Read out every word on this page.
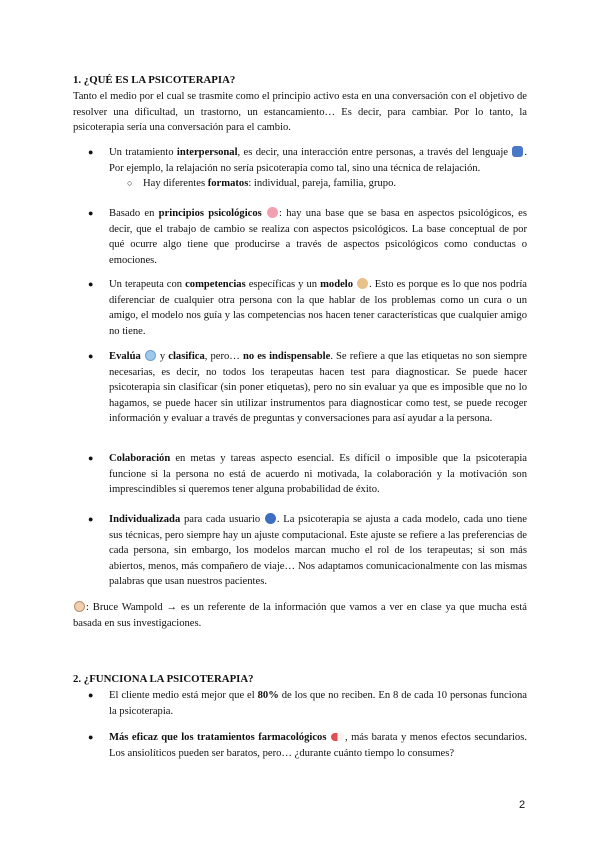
1. ¿QUÉ ES LA PSICOTERAPIA?
Tanto el medio por el cual se trasmite como el principio activo esta en una conversación con el objetivo de resolver una dificultad, un trastorno, un estancamiento… Es decir, para cambiar. Por lo tanto, la psicoterapia sería una conversación para el cambio.
● Un tratamiento interpersonal, es decir, una interacción entre personas, a través del lenguaje . Por ejemplo, la relajación no sería psicoterapia como tal, sino una técnica de relajación.
○ Hay diferentes formatos: individual, pareja, familia, grupo.
● Basado en principios psicológicos : hay una base que se basa en aspectos psicológicos, es decir, que el trabajo de cambio se realiza con aspectos psicológicos. La base conceptual de por qué ocurre algo tiene que producirse a través de aspectos psicológicos como conductas o emociones.
● Un terapeuta con competencias específicas y un modelo . Esto es porque es lo que nos podría diferenciar de cualquier otra persona con la que hablar de los problemas como un cura o un amigo, el modelo nos guía y las competencias nos hacen tener características que cualquier amigo no tiene.
● Evalúa  y clasifica, pero… no es indispensable. Se refiere a que las etiquetas no son siempre necesarias, es decir, no todos los terapeutas hacen test para diagnosticar. Se puede hacer psicoterapia sin clasificar (sin poner etiquetas), pero no sin evaluar ya que es imposible que no lo hagamos, se puede hacer sin utilizar instrumentos para diagnosticar como test, se puede recoger información y evaluar a través de preguntas y conversaciones para así ayudar a la persona.
● Colaboración en metas y tareas aspecto esencial. Es difícil o imposible que la psicoterapia funcione si la persona no está de acuerdo ni motivada, la colaboración y la motivación son imprescindibles si queremos tener alguna probabilidad de éxito.
● Individualizada para cada usuario . La psicoterapia se ajusta a cada modelo, cada uno tiene sus técnicas, pero siempre hay un ajuste computacional. Este ajuste se refiere a las preferencias de cada persona, sin embargo, los modelos marcan mucho el rol de los terapeutas; si son más abiertos, menos, más compañero de viaje… Nos adaptamos comunicacionalmente con las mismas palabras que usan nuestros pacientes.
: Bruce Wampold → es un referente de la información que vamos a ver en clase ya que mucha está basada en sus investigaciones.
2. ¿FUNCIONA LA PSICOTERAPIA?
● El cliente medio está mejor que el 80% de los que no reciben. En 8 de cada 10 personas funciona la psicoterapia.
● Más eficaz que los tratamientos farmacológicos , más barata y menos efectos secundarios. Los ansiolíticos pueden ser baratos, pero… ¿durante cuánto tiempo lo consumes?
2
